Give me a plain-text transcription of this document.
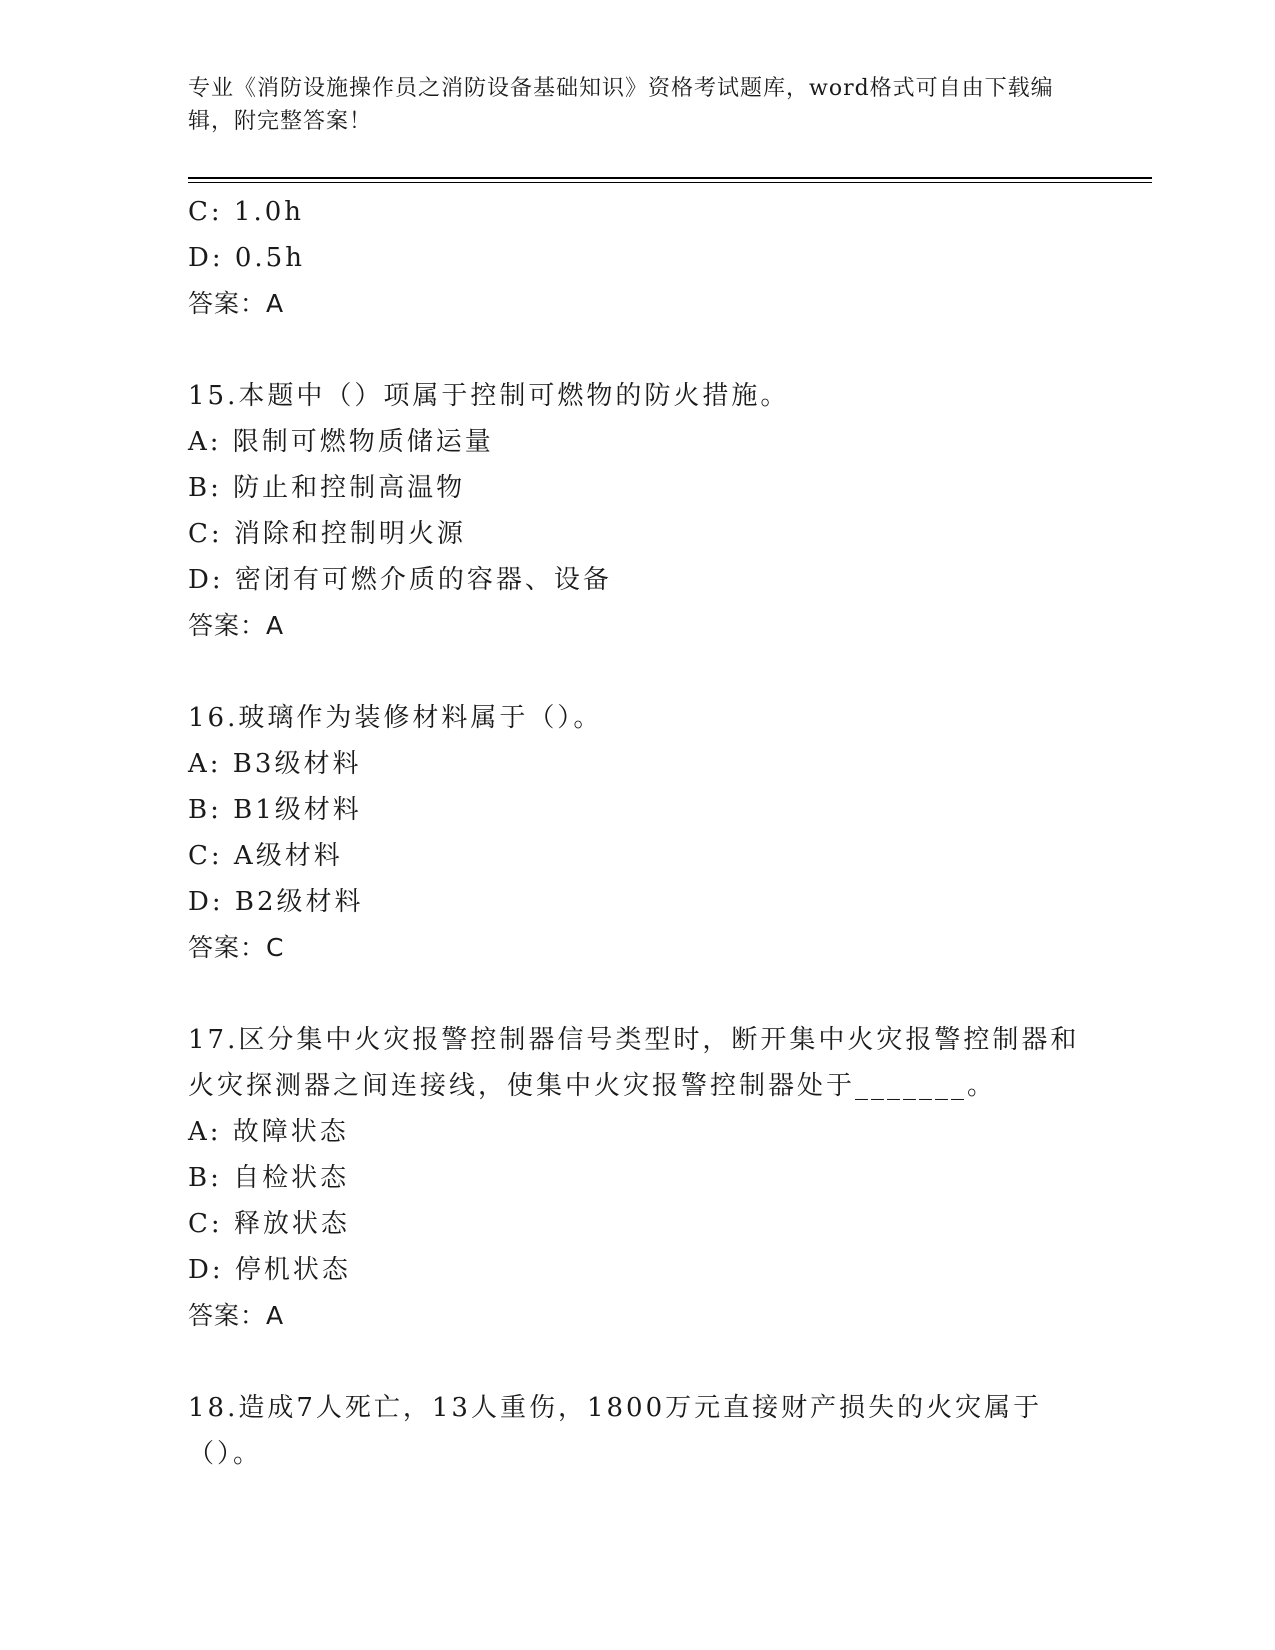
专业《消防设施操作员之消防设备基础知识》资格考试题库，word格式可自由下载编辑，附完整答案！

C: 1.0h

D: 0.5h

答案：A

15.本题中（）项属于控制可燃物的防火措施。

A: 限制可燃物质储运量

B: 防止和控制高温物

C: 消除和控制明火源

D: 密闭有可燃介质的容器、设备

答案：A

16.玻璃作为装修材料属于（）。

A: B3级材料

B: B1级材料

C: A级材料

D: B2级材料

答案：C

17.区分集中火灾报警控制器信号类型时，断开集中火灾报警控制器和火灾探测器之间连接线，使集中火灾报警控制器处于_______。

A: 故障状态

B: 自检状态

C: 释放状态

D: 停机状态

答案：A

18.造成7人死亡，13人重伤，1800万元直接财产损失的火灾属于（）。
